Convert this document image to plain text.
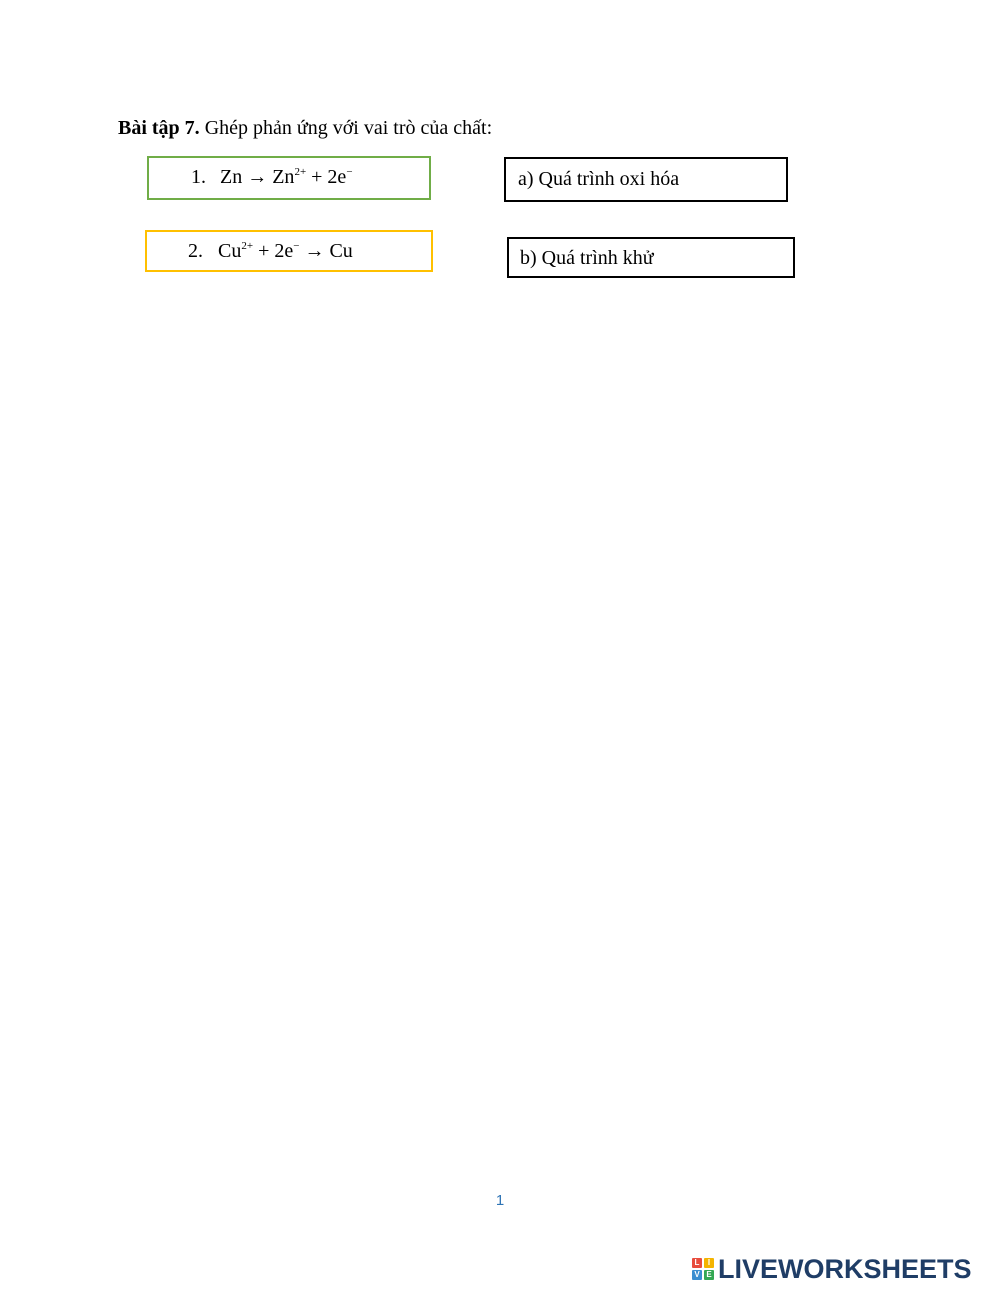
Bài tập 7. Ghép phản ứng với vai trò của chất:
1. $Zn \to Zn^{2+} + 2e^-$
2. $Cu^{2+} + 2e^- \to Cu$
a) Quá trình oxi hóa
b) Quá trình khử
1
L	I
V E LIVEWORKSHEETS
